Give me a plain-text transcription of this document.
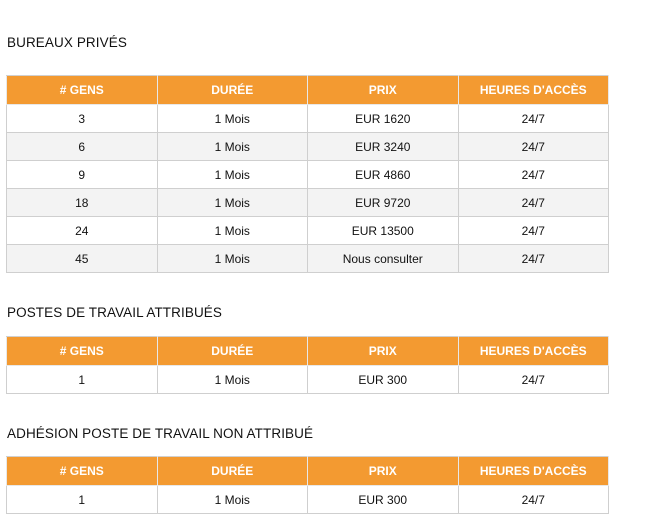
BUREAUX PRIVÉS
# GENS	DURÉE	PRIX	HEURES D'ACCÈS
3	1 Mois	EUR 1620	24/7
6	1 Mois	EUR 3240	24/7
9	1 Mois	EUR 4860	24/7
18	1 Mois	EUR 9720	24/7
24	1 Mois	EUR 13500	24/7
45	1 Mois	Nous consulter	24/7
POSTES DE TRAVAIL ATTRIBUÉS
# GENS	DURÉE	PRIX	HEURES D'ACCÈS
1	1 Mois	EUR 300	24/7
ADHÉSION POSTE DE TRAVAIL NON ATTRIBUÉ
# GENS	DURÉE	PRIX	HEURES D'ACCÈS
1	1 Mois	EUR 300	24/7
